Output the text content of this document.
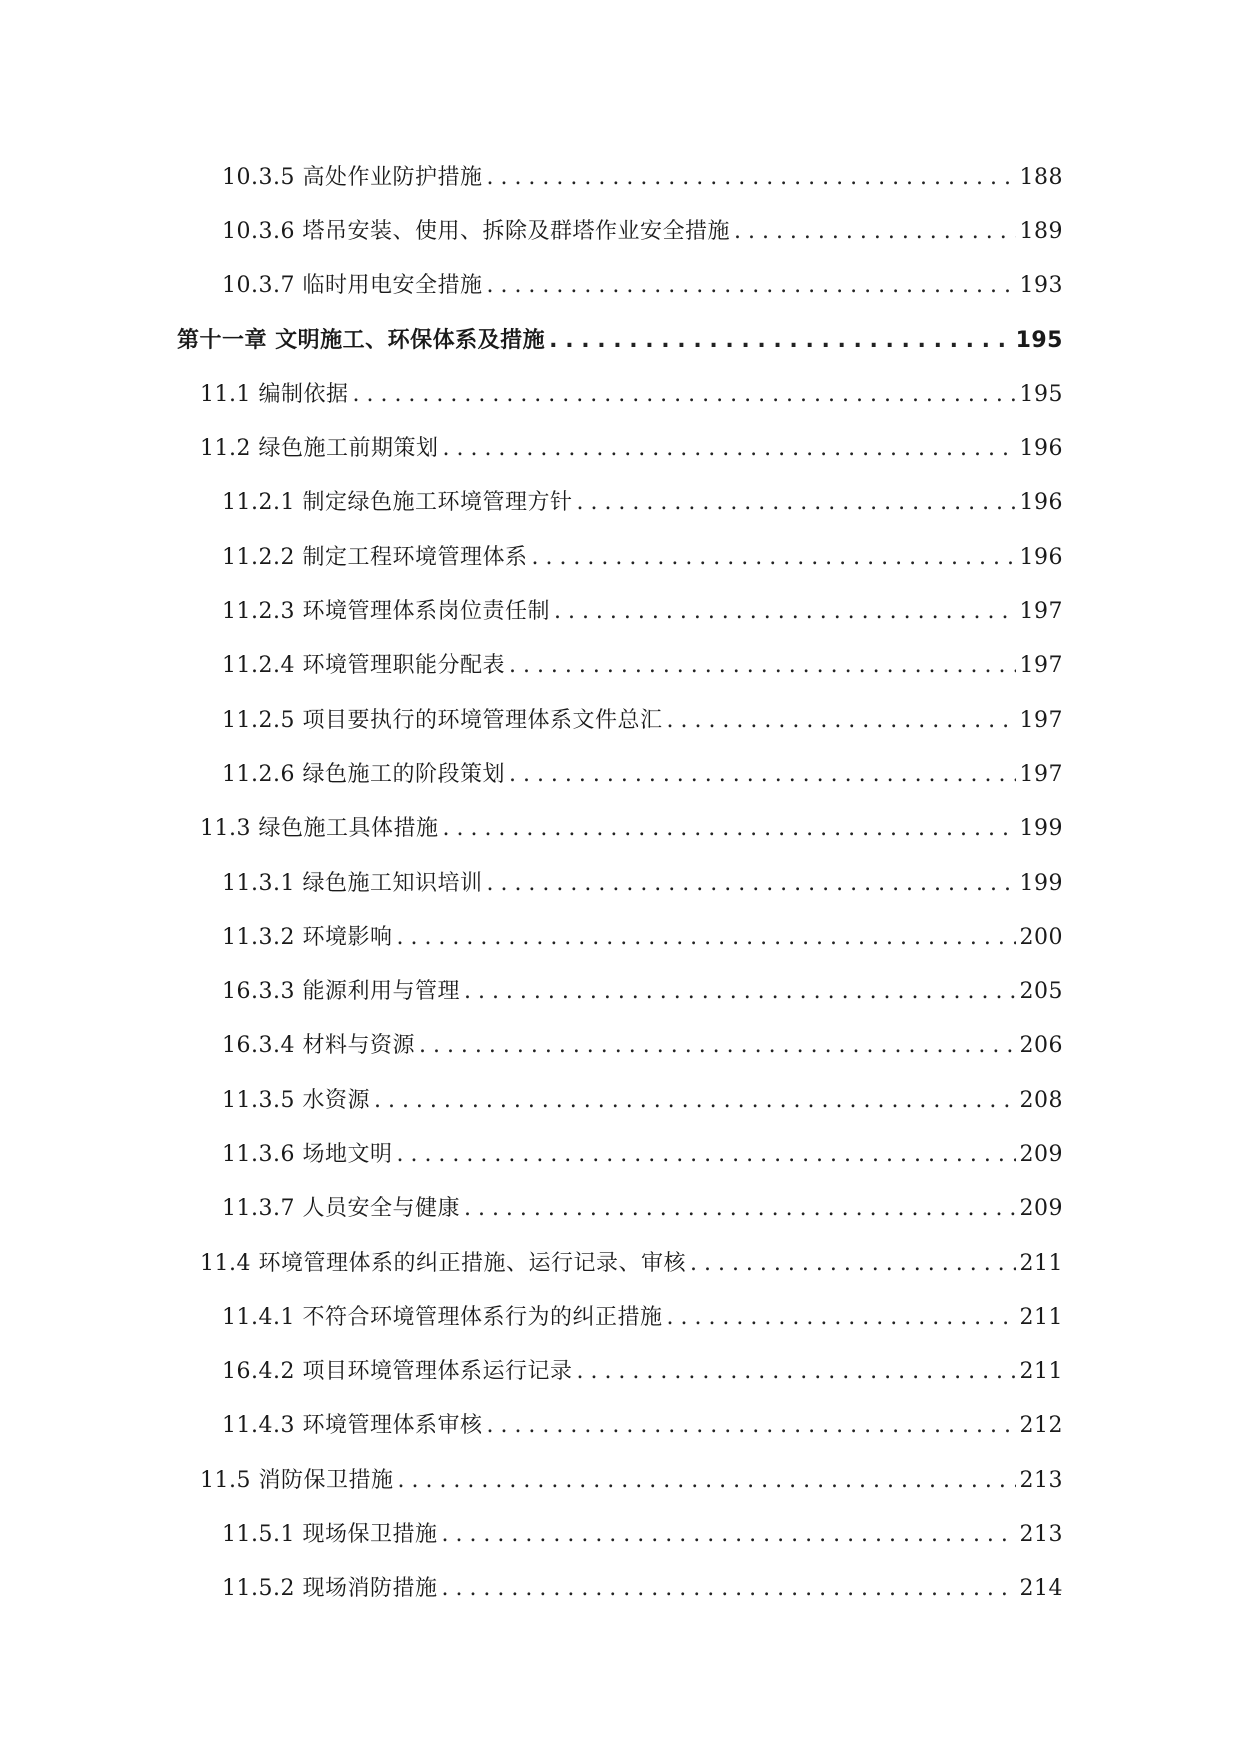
10.3.5 高处作业防护措施 . . .	188
10.3.6 塔吊安装、使用、拆除及群塔作业安全措施 . . .	189
10.3.7 临时用电安全措施 . . .	193
第十一章 文明施工、环保体系及措施 . . .	195
11.1 编制依据 . . .	195
11.2 绿色施工前期策划 . . .	196
11.2.1 制定绿色施工环境管理方针 . . .	196
11.2.2 制定工程环境管理体系 . . .	196
11.2.3 环境管理体系岗位责任制 . . .	197
11.2.4 环境管理职能分配表 . . .	197
11.2.5 项目要执行的环境管理体系文件总汇 . . .	197
11.2.6 绿色施工的阶段策划 . . .	197
11.3 绿色施工具体措施 . . .	199
11.3.1 绿色施工知识培训 . . .	199
11.3.2 环境影响 . . .	200
16.3.3 能源利用与管理 . . .	205
16.3.4 材料与资源 . . .	206
11.3.5 水资源 . . .	208
11.3.6 场地文明 . . .	209
11.3.7 人员安全与健康 . . .	209
11.4 环境管理体系的纠正措施、运行记录、审核 . . .	211
11.4.1 不符合环境管理体系行为的纠正措施 . . .	211
16.4.2 项目环境管理体系运行记录 . . .	211
11.4.3 环境管理体系审核 . . .	212
11.5 消防保卫措施 . . .	213
11.5.1 现场保卫措施 . . .	213
11.5.2 现场消防措施 . . .	214
